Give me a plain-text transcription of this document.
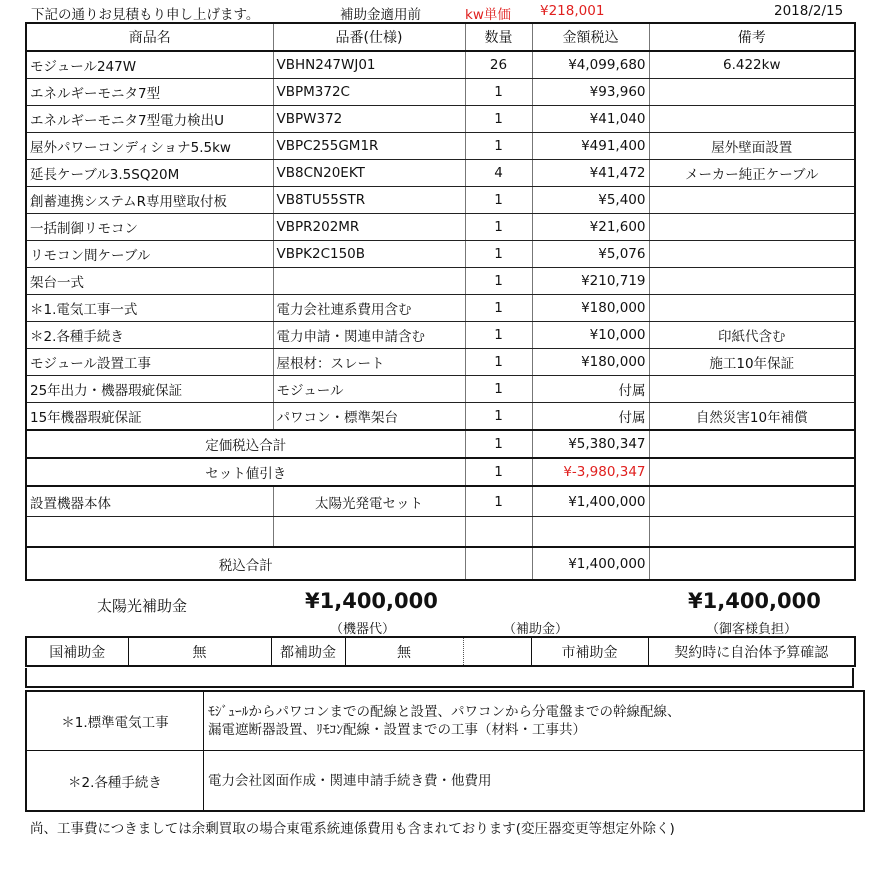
下記の通りお見積もり申し上げます。	補助金適用前	kw単価 ¥218,001	2018/2/15
商品名	品番(仕様)	数量	金額税込	備考
モジュール247W	VBHN247WJ01	26	¥4,099,680	6.422kw
エネルギーモニタ7型	VBPM372C	1	¥93,960	
エネルギーモニタ7型電力検出U	VBPW372	1	¥41,040	
屋外パワーコンディショナ5.5kw	VBPC255GM1R	1	¥491,400	屋外壁面設置
延長ケーブル3.5SQ20M	VB8CN20EKT	4	¥41,472	メーカー純正ケーブル
創蓄連携システムR専用壁取付板	VB8TU55STR	1	¥5,400	
一括制御リモコン	VBPR202MR	1	¥21,600	
リモコン間ケーブル	VBPK2C150B	1	¥5,076	
架台一式		1	¥210,719	
＊1.電気工事一式	電力会社連系費用含む	1	¥180,000	
＊2.各種手続き	電力申請・関連申請含む	1	¥10,000	印紙代含む
モジュール設置工事	屋根材：スレート	1	¥180,000	施工10年保証
25年出力・機器瑕疵保証	モジュール	1	付属	
15年機器瑕疵保証	パワコン・標準架台	1	付属	自然災害10年補償
定価税込合計		1	¥5,380,347	
セット値引き		1	¥-3,980,347	
設置機器本体	太陽光発電セット	1	¥1,400,000	

税込合計			¥1,400,000	
太陽光補助金	¥1,400,000	¥1,400,000
（機器代）	（補助金）	（御客様負担）
国補助金	無	都補助金	無		市補助金	契約時に自治体予算確認
＊1.標準電気工事	ﾓｼﾞｭｰﾙからパワコンまでの配線と設置、パワコンから分電盤までの幹線配線、
漏電遮断器設置、ﾘﾓｺﾝ配線・設置までの工事（材料・工事共）

＊2.各種手続き	電力会社図面作成・関連申請手続き費・他費用
尚、工事費につきましては余剰買取の場合東電系統連係費用も含まれております(変圧器変更等想定外除く)
